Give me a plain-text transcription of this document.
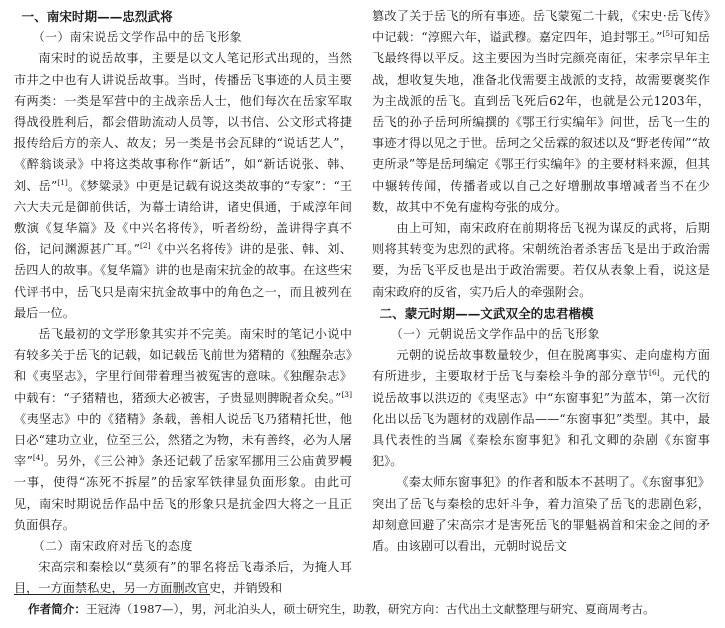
一、南宋时期——忠烈武将

（一）南宋说岳文学作品中的岳飞形象

南宋时的说岳故事，主要是以文人笔记形式出现的，当然市井之中也有人讲说岳故事。当时，传播岳飞事迹的人员主要有两类：一类是军营中的主战亲岳人士，他们每次在岳家军取得战役胜利后，都会借助流动人员等，以书信、公文形式将捷报传给后方的亲人、故友；另一类是书会瓦肆的“说话艺人”，《醉翁谈录》中将这类故事称作“新话”，如“新话说张、韩、刘、岳”[1]。《梦粱录》中更是记载有说这类故事的“专家”：“王六大夫元是御前供话，为幕士请给讲，诸史俱通，于咸淳年间敷演《复华篇》及《中兴名将传》，听者纷纷，盖讲得字真不俗，记问渊源甚广耳。”[2]《中兴名将传》讲的是张、韩、刘、岳四人的故事。《复华篇》讲的也是南宋抗金的故事。在这些宋代评书中，岳飞只是南宋抗金故事中的角色之一，而且被列在最后一位。

岳飞最初的文学形象其实并不完美。南宋时的笔记小说中有较多关于岳飞的记载，如记载岳飞前世为猪精的《独醒杂志》和《夷坚志》，字里行间带着理当被冤害的意味。《独醒杂志》中载有：“子猪精也，猪颈大必被害，子贵显则脾睨者众矣。”[3]《夷坚志》中的《猪精》条载，善相人说岳飞乃猪精托世，他日必“建功立业，位至三公，然猪之为物，未有善终，必为人屠宰”[4]。另外，《三公神》条还记载了岳家军挪用三公庙黄罗幔一事，使得“冻死不拆屋”的岳家军铁律显负面形象。由此可见，南宋时期说岳作品中岳飞的形象只是抗金四大将之一且正负面俱存。

（二）南宋政府对岳飞的态度

宋高宗和秦桧以“莫须有”的罪名将岳飞毒杀后，为掩人耳目，一方面禁私史，另一方面删改官史，并销毁和

篡改了关于岳飞的所有事迹。岳飞蒙冤二十载，《宋史·岳飞传》中记载：“淳熙六年，谥武穆。嘉定四年，追封鄂王。”[5]可知岳飞最终得以平反。这主要因为当时完颜亮南征，宋孝宗早年主战，想收复失地，准备北伐需要主战派的支持，故需要褒奖作为主战派的岳飞。直到岳飞死后62年，也就是公元1203年，岳飞的孙子岳珂所编撰的《鄂王行实编年》问世，岳飞一生的事迹才得以见之于世。岳珂之父岳霖的叙述以及“野老传闻”“故吏所录”等是岳珂编定《鄂王行实编年》的主要材料来源，但其中辗转传闻，传播者或以自己之好增删故事增减者当不在少数，故其中不免有虚构夸张的成分。

由上可知，南宋政府在前期将岳飞视为谋反的武将，后期则将其转变为忠烈的武将。宋朝统治者杀害岳飞是出于政治需要，为岳飞平反也是出于政治需要。若仅从表象上看，说这是南宋政府的反省，实乃后人的牵强附会。

二、蒙元时期——文武双全的忠君楷模

（一）元朝说岳文学作品中的岳飞形象

元朝的说岳故事数量较少，但在脱离事实、走向虚构方面有所进步，主要取材于岳飞与秦桧斗争的部分章节[6]。元代的说岳故事以洪迈的《夷坚志》中“东窗事犯”为蓝本，第一次衍化出以岳飞为题材的戏剧作品——“东窗事犯”类型。其中，最具代表性的当属《秦桧东窗事犯》和孔文卿的杂剧《东窗事犯》。

《秦太师东窗事犯》的作者和版本不甚明了。《东窗事犯》突出了岳飞与秦桧的忠奸斗争，着力渲染了岳飞的悲剧色彩，却刻意回避了宋高宗才是害死岳飞的罪魁祸首和宋金之间的矛盾。由该剧可以看出，元朝时说岳文

作者简介：王冠涛（1987—），男，河北泊头人，硕士研究生，助教，研究方向：古代出土文献整理与研究、夏商周考古。
